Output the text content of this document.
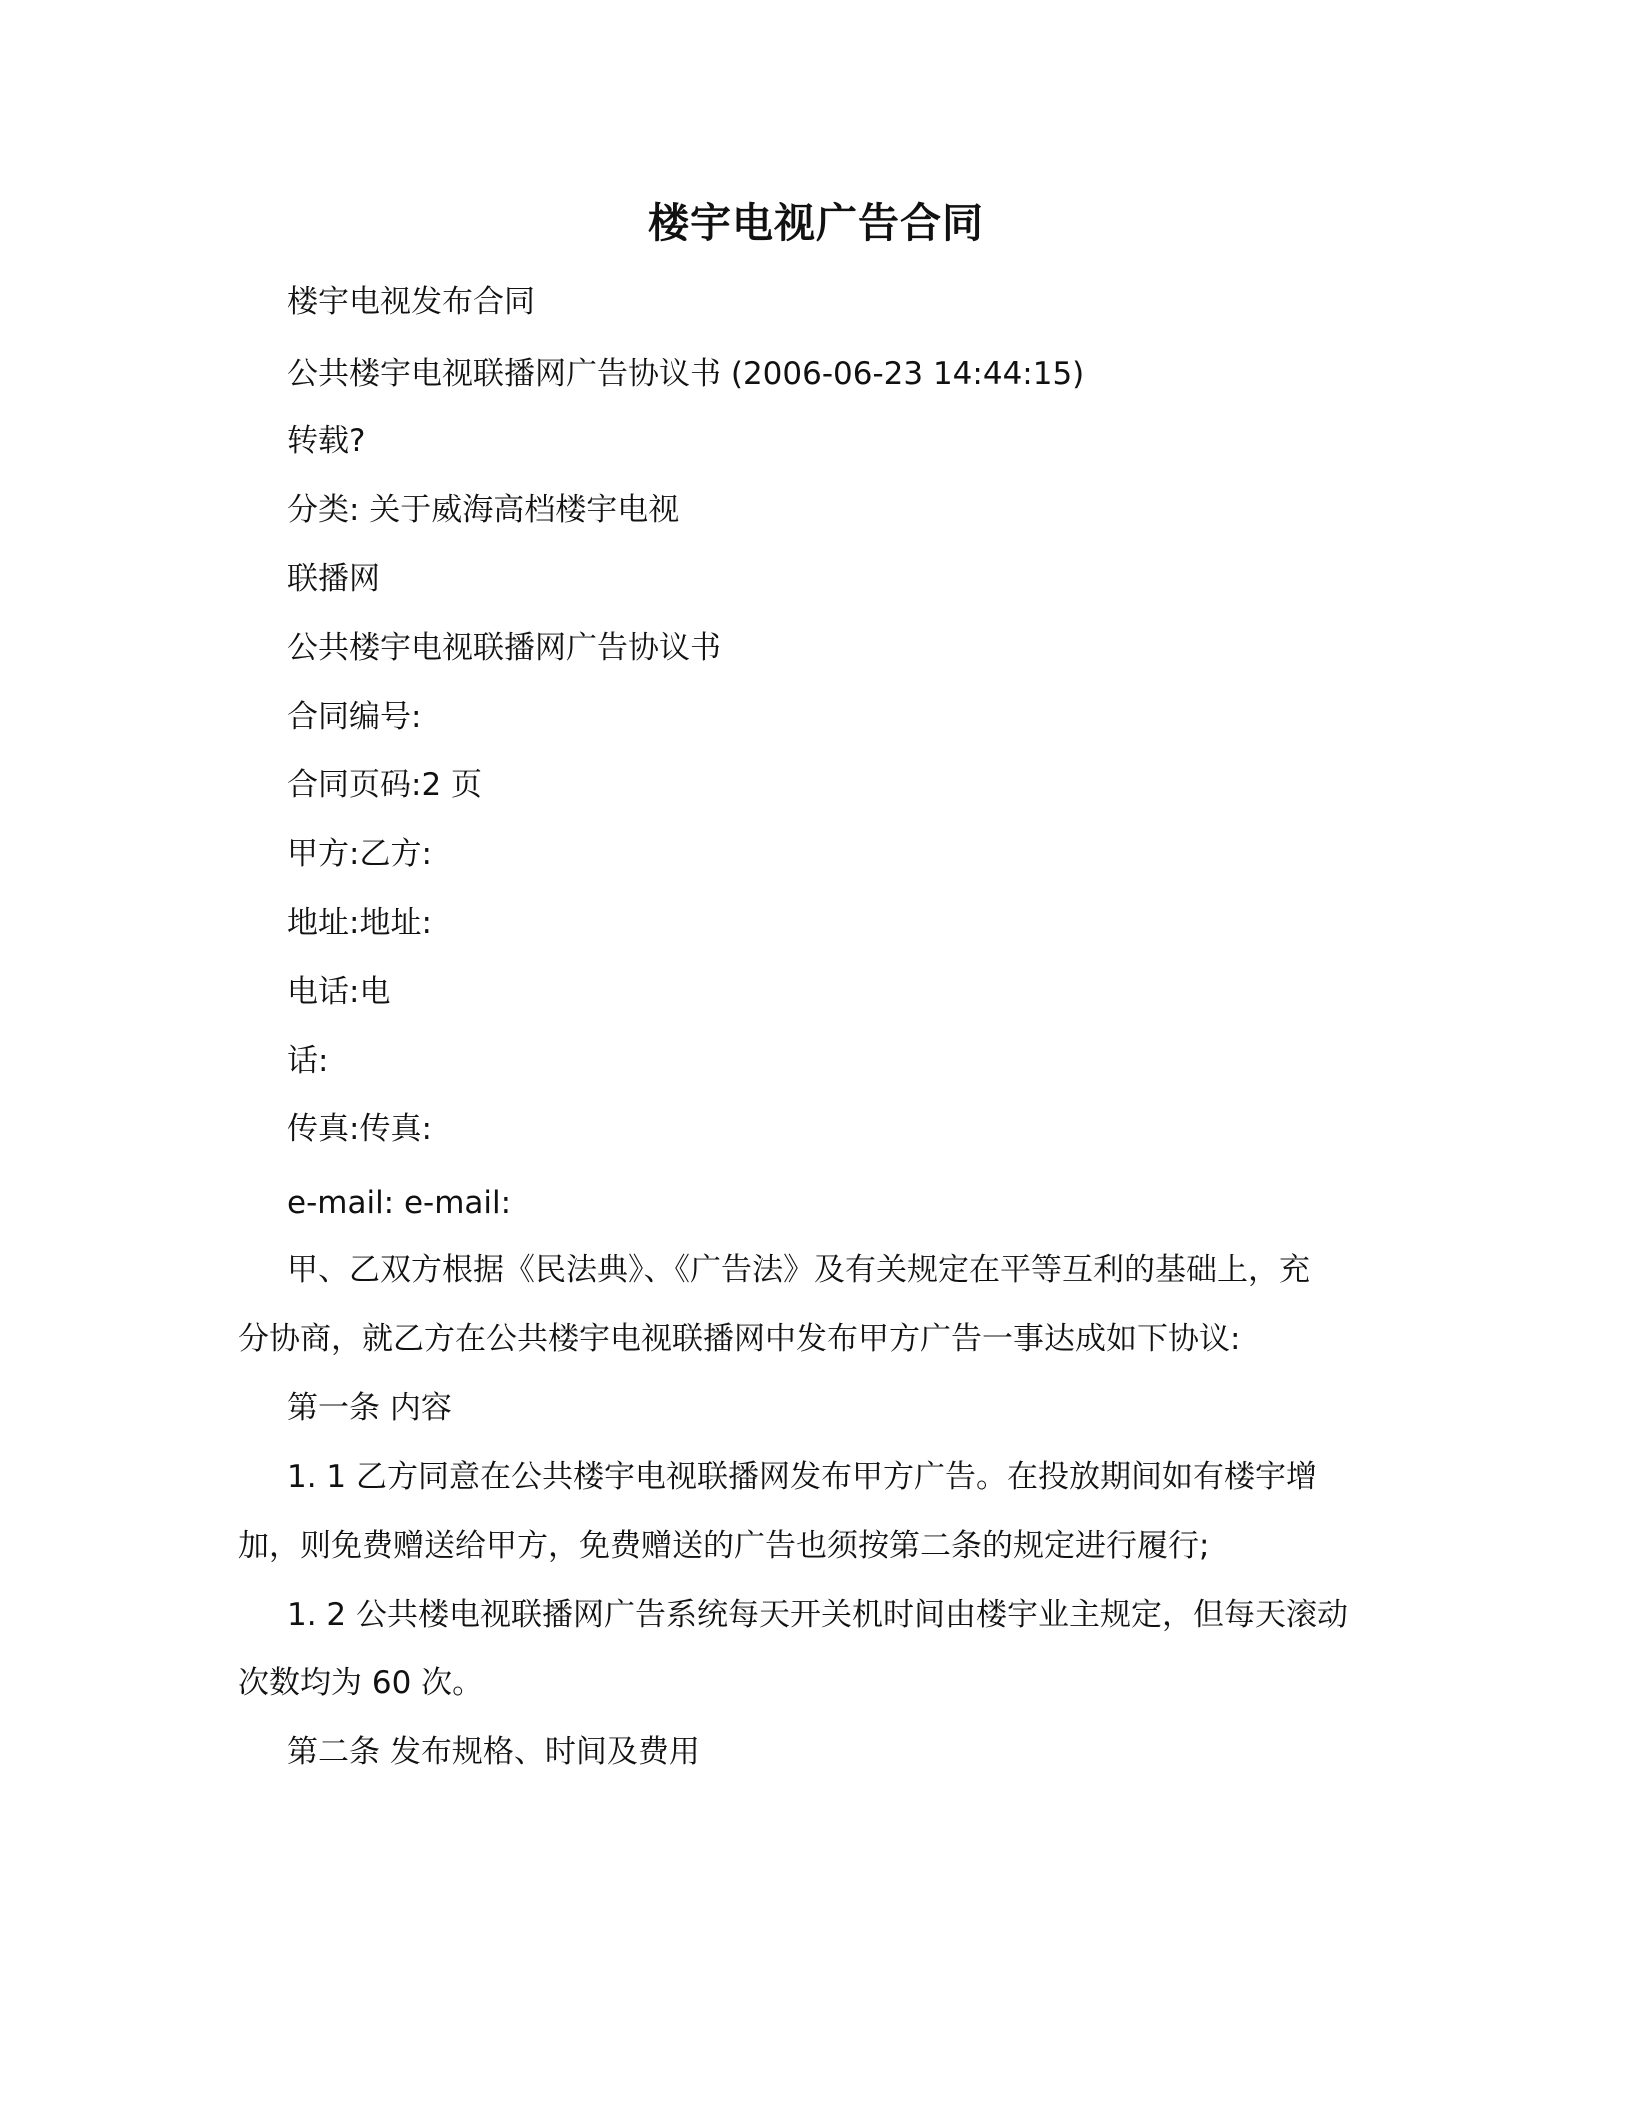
楼宇电视广告合同
楼宇电视发布合同
公共楼宇电视联播网广告协议书 (2006-06-23 14:44:15)
转载?
分类: 关于威海高档楼宇电视
联播网
公共楼宇电视联播网广告协议书
合同编号:
合同页码:2 页
甲方:乙方:
地址:地址:
电话:电
话:
传真:传真:
e-mail: e-mail:
甲、乙双方根据《民法典》、《广告法》及有关规定在平等互利的基础上，充
分协商，就乙方在公共楼宇电视联播网中发布甲方广告一事达成如下协议:
第一条 内容
1. 1 乙方同意在公共楼宇电视联播网发布甲方广告。在投放期间如有楼宇增
加，则免费赠送给甲方，免费赠送的广告也须按第二条的规定进行履行;
1. 2 公共楼电视联播网广告系统每天开关机时间由楼宇业主规定，但每天滚动
次数均为 60 次。
第二条 发布规格、时间及费用
